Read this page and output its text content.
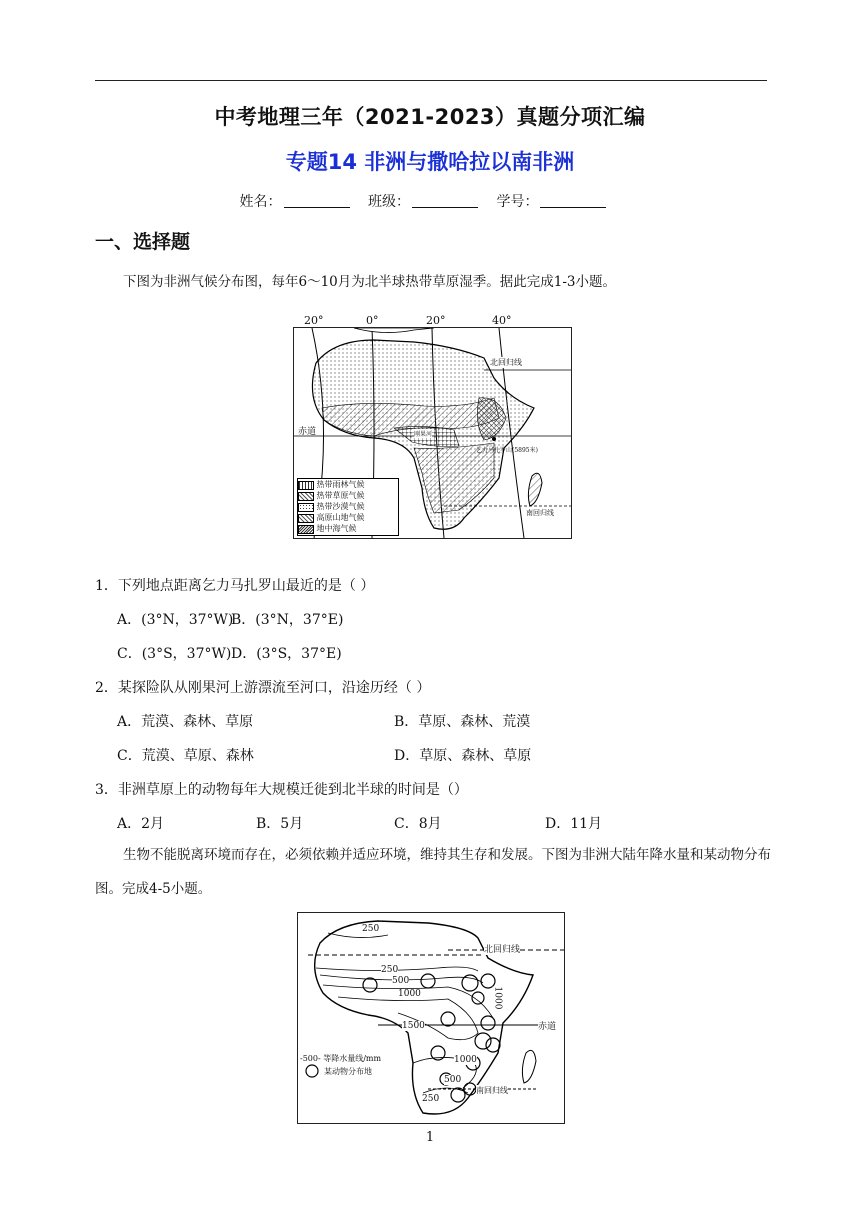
中考地理三年（2021-2023）真题分项汇编
专题14 非洲与撒哈拉以南非洲
姓名：	班级：	学号：
一、选择题
下图为非洲气候分布图，每年6～10月为北半球热带草原湿季。据此完成1-3小题。
20°	0°	20°	40°
北回归线
赤道	刚果河
乞力马扎罗山(5895米)
南回归线
热带雨林气候
热带草原气候
热带沙漠气候
高原山地气候
地中海气候
1．下列地点距离乞力马扎罗山最近的是（ ）
A．(3°N，37°W)
B．(3°N，37°E)
C．(3°S，37°W) D．(3°S，37°E)
2．某探险队从刚果河上游漂流至河口，沿途历经（ ）
A．荒漠、森林、草原	B．草原、森林、荒漠
C．荒漠、草原、森林	D．草原、森林、草原
3．非洲草原上的动物每年大规模迁徙到北半球的时间是（）
A．2月	B．5月	C．8月	D．11月
生物不能脱离环境而存在，必须依赖并适应环境，维持其生存和发展。下图为非洲大陆年降水量和某动物分布图。完成4-5小题。
北回归线
赤道
南回归线
250
250
500
1000
1500
1000
1000
500
250
-500- 等降水量线/mm
某动物分布地
1
